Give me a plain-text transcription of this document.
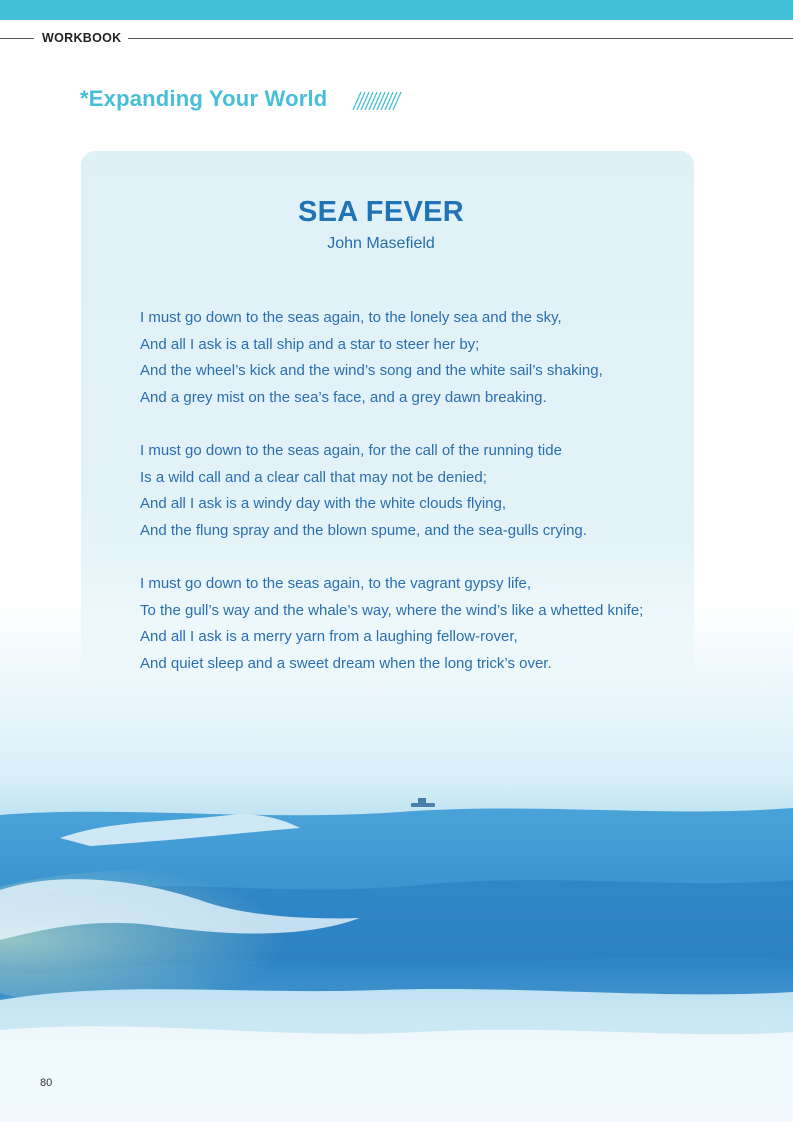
WORKBOOK
*Expanding Your World
SEA FEVER
John Masefield
I must go down to the seas again, to the lonely sea and the sky,
And all I ask is a tall ship and a star to steer her by;
And the wheel’s kick and the wind’s song and the white sail’s shaking,
And a grey mist on the sea’s face, and a grey dawn breaking.
I must go down to the seas again, for the call of the running tide
Is a wild call and a clear call that may not be denied;
And all I ask is a windy day with the white clouds flying,
And the flung spray and the blown spume, and the sea-gulls crying.
I must go down to the seas again, to the vagrant gypsy life,
To the gull’s way and the whale’s way, where the wind’s like a whetted knife;
And all I ask is a merry yarn from a laughing fellow-rover,
And quiet sleep and a sweet dream when the long trick’s over.
80
